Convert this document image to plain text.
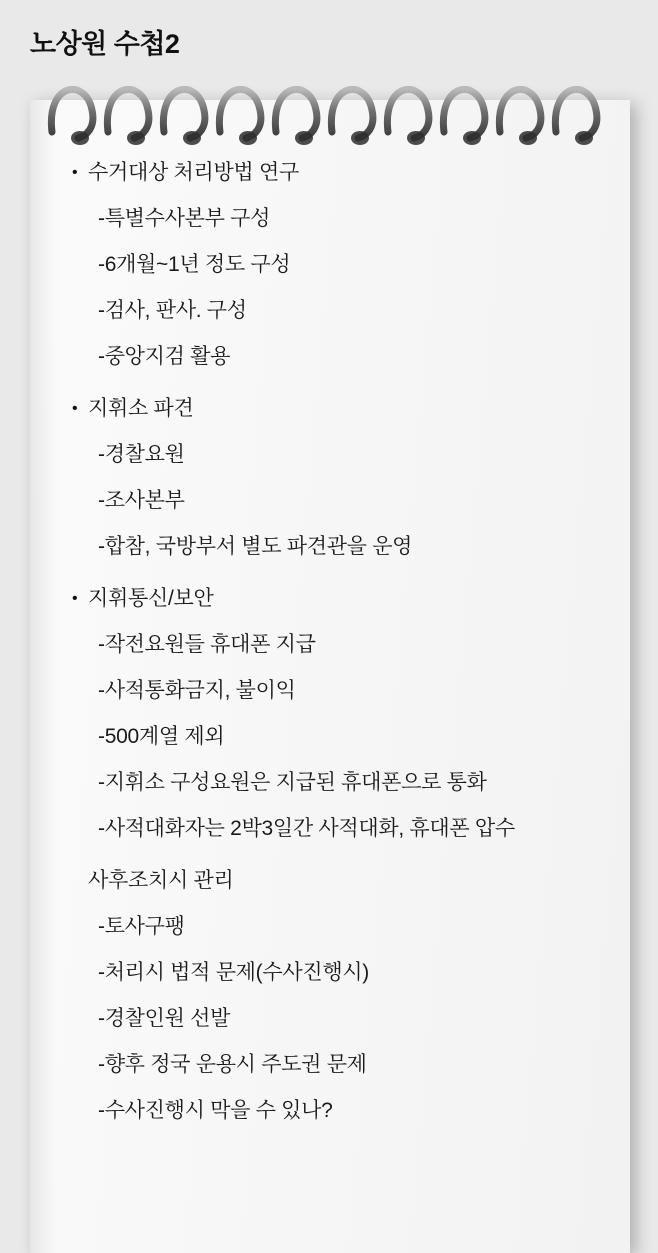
노상원 수첩2
• 수거대상 처리방법 연구
-특별수사본부 구성
-6개월~1년 정도 구성
-검사, 판사. 구성
-중앙지검 활용
• 지휘소 파견
-경찰요원
-조사본부
-합참, 국방부서 별도 파견관을 운영
• 지휘통신/보안
-작전요원들 휴대폰 지급
-사적통화금지, 불이익
-500계열 제외
-지휘소 구성요원은 지급된 휴대폰으로 통화
-사적대화자는 2박3일간 사적대화, 휴대폰 압수
사후조치시 관리
-토사구팽
-처리시 법적 문제(수사진행시)
-경찰인원 선발
-향후 정국 운용시 주도권 문제
-수사진행시 막을 수 있나?
